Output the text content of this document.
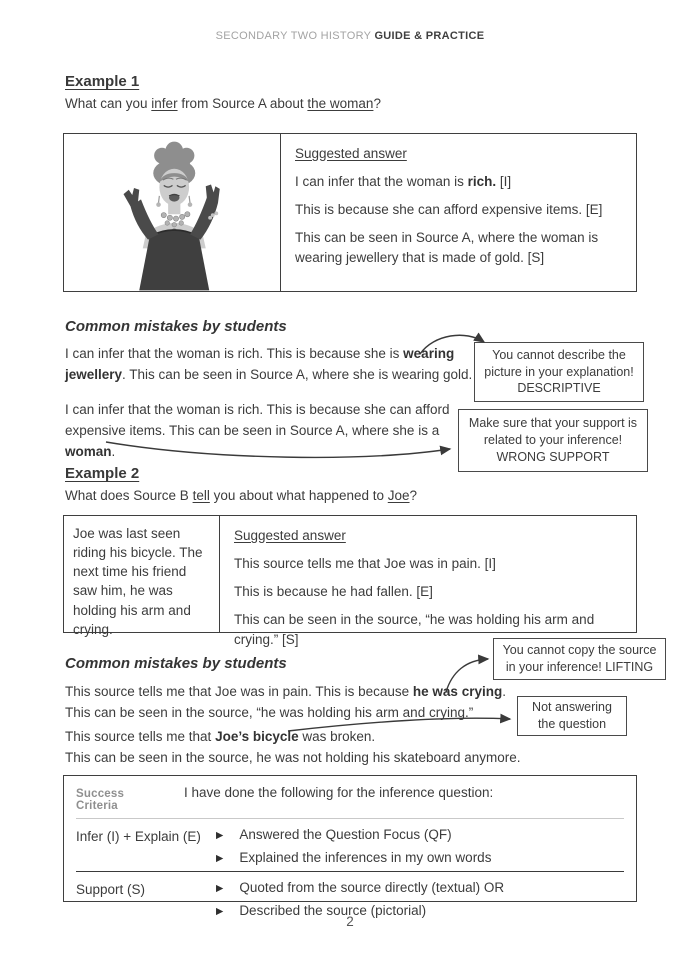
SECONDARY TWO HISTORY GUIDE & PRACTICE
Example 1
What can you infer from Source A about the woman?
Suggested answer

I can infer that the woman is rich. [I]

This is because she can afford expensive items. [E]

This can be seen in Source A, where the woman is wearing jewellery that is made of gold. [S]

Common mistakes by students
I can infer that the woman is rich. This is because she is wearing jewellery. This can be seen in Source A, where she is wearing gold.
I can infer that the woman is rich. This is because she can afford expensive items. This can be seen in Source A, where she is a woman.
You cannot describe the picture in your explanation!
DESCRIPTIVE
Make sure that your support is related to your inference!
WRONG SUPPORT
Example 2
What does Source B tell you about what happened to Joe?
Joe was last seen riding his bicycle. The next time his friend saw him, he was holding his arm and crying.
Suggested answer

This source tells me that Joe was in pain. [I]

This is because he had fallen. [E]

This can be seen in the source, “he was holding his arm and crying.” [S]

Common mistakes by students
This source tells me that Joe was in pain. This is because he was crying.
This can be seen in the source, “he was holding his arm and crying.”
This source tells me that Joe’s bicycle was broken.
This can be seen in the source, he was not holding his skateboard anymore.
You cannot copy the source in your inference! LIFTING
Not answering the question
Success Criteria
I have done the following for the inference question:
Infer (I) + Explain (E)	▶ Answered the Question Focus (QF)
▶ Explained the inferences in my own words
Support (S)	▶ Quoted from the source directly (textual) OR
▶ Described the source (pictorial)
2
